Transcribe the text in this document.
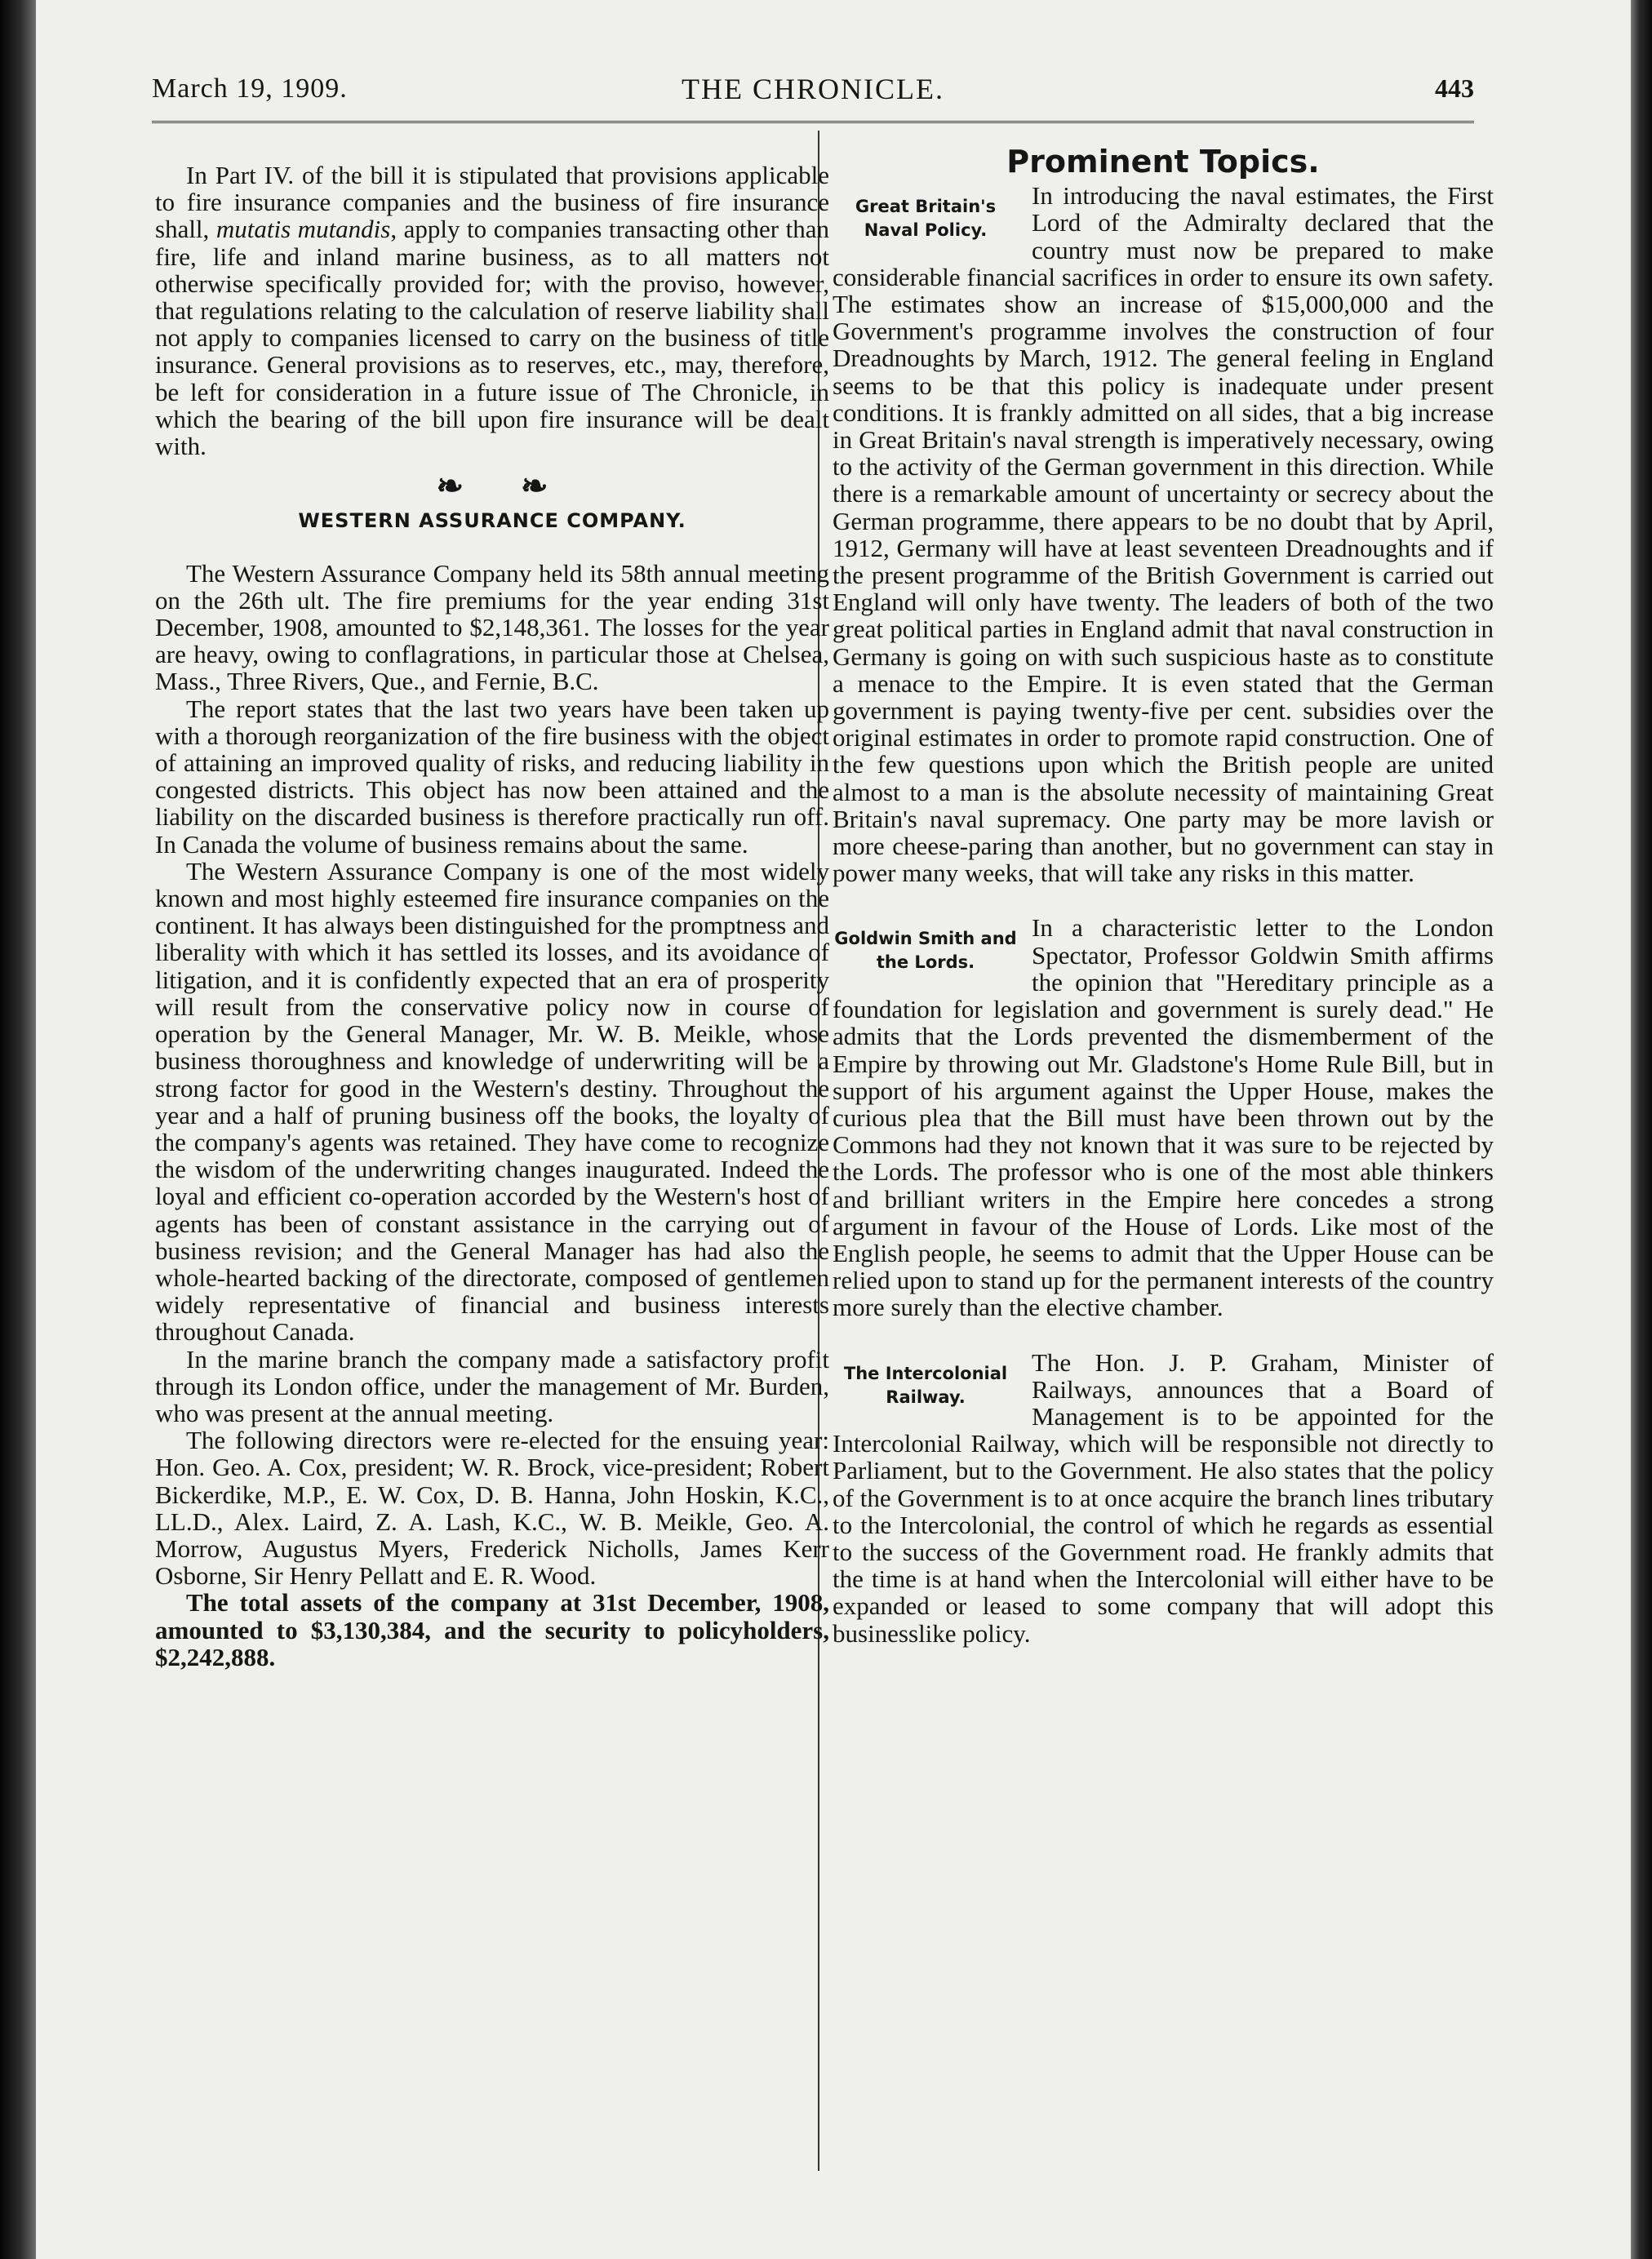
March 19, 1909.	THE CHRONICLE.	443

In Part IV. of the bill it is stipulated that provisions applicable to fire insurance companies and the business of fire insurance shall, mutatis mutandis, apply to companies transacting other than fire, life and inland marine business, as to all matters not otherwise specifically provided for; with the proviso, however, that regulations relating to the calculation of reserve liability shall not apply to companies licensed to carry on the business of title insurance. General provisions as to reserves, etc., may, therefore, be left for consideration in a future issue of The Chronicle, in which the bearing of the bill upon fire insurance will be dealt with.

❧ ❧
WESTERN ASSURANCE COMPANY.

The Western Assurance Company held its 58th annual meeting on the 26th ult. The fire premiums for the year ending 31st December, 1908, amounted to $2,148,361. The losses for the year are heavy, owing to conflagrations, in particular those at Chelsea, Mass., Three Rivers, Que., and Fernie, B.C.

The report states that the last two years have been taken up with a thorough reorganization of the fire business with the object of attaining an improved quality of risks, and reducing liability in congested districts. This object has now been attained and the liability on the discarded business is therefore practically run off. In Canada the volume of business remains about the same.

The Western Assurance Company is one of the most widely known and most highly esteemed fire insurance companies on the continent. It has always been distinguished for the promptness and liberality with which it has settled its losses, and its avoidance of litigation, and it is confidently expected that an era of prosperity will result from the conservative policy now in course of operation by the General Manager, Mr. W. B. Meikle, whose business thoroughness and knowledge of underwriting will be a strong factor for good in the Western's destiny. Throughout the year and a half of pruning business off the books, the loyalty of the company's agents was retained. They have come to recognize the wisdom of the underwriting changes inaugurated. Indeed the loyal and efficient co-operation accorded by the Western's host of agents has been of constant assistance in the carrying out of business revision; and the General Manager has had also the whole-hearted backing of the directorate, composed of gentlemen widely representative of financial and business interests throughout Canada.

In the marine branch the company made a satisfactory profit through its London office, under the management of Mr. Burden, who was present at the annual meeting.

The following directors were re-elected for the ensuing year: Hon. Geo. A. Cox, president; W. R. Brock, vice-president; Robert Bickerdike, M.P., E. W. Cox, D. B. Hanna, John Hoskin, K.C., LL.D., Alex. Laird, Z. A. Lash, K.C., W. B. Meikle, Geo. A. Morrow, Augustus Myers, Frederick Nicholls, James Kerr Osborne, Sir Henry Pellatt and E. R. Wood.

The total assets of the company at 31st December, 1908, amounted to $3,130,384, and the security to policyholders, $2,242,888.

Prominent Topics.
Great Britain's Naval Policy.

In introducing the naval estimates, the First Lord of the Admiralty declared that the country must now be prepared to make considerable financial sacrifices in order to ensure its own safety. The estimates show an increase of $15,000,000 and the Government's programme involves the construction of four Dreadnoughts by March, 1912. The general feeling in England seems to be that this policy is inadequate under present conditions. It is frankly admitted on all sides, that a big increase in Great Britain's naval strength is imperatively necessary, owing to the activity of the German government in this direction. While there is a remarkable amount of uncertainty or secrecy about the German programme, there appears to be no doubt that by April, 1912, Germany will have at least seventeen Dreadnoughts and if the present programme of the British Government is carried out England will only have twenty. The leaders of both of the two great political parties in England admit that naval construction in Germany is going on with such suspicious haste as to constitute a menace to the Empire. It is even stated that the German government is paying twenty-five per cent. subsidies over the original estimates in order to promote rapid construction. One of the few questions upon which the British people are united almost to a man is the absolute necessity of maintaining Great Britain's naval supremacy. One party may be more lavish or more cheese-paring than another, but no government can stay in power many weeks, that will take any risks in this matter.

Goldwin Smith and the Lords.

In a characteristic letter to the London Spectator, Professor Goldwin Smith affirms the opinion that "Hereditary principle as a foundation for legislation and government is surely dead." He admits that the Lords prevented the dismemberment of the Empire by throwing out Mr. Gladstone's Home Rule Bill, but in support of his argument against the Upper House, makes the curious plea that the Bill must have been thrown out by the Commons had they not known that it was sure to be rejected by the Lords. The professor who is one of the most able thinkers and brilliant writers in the Empire here concedes a strong argument in favour of the House of Lords. Like most of the English people, he seems to admit that the Upper House can be relied upon to stand up for the permanent interests of the country more surely than the elective chamber.

The Intercolonial Railway.

The Hon. J. P. Graham, Minister of Railways, announces that a Board of Management is to be appointed for the Intercolonial Railway, which will be responsible not directly to Parliament, but to the Government. He also states that the policy of the Government is to at once acquire the branch lines tributary to the Intercolonial, the control of which he regards as essential to the success of the Government road. He frankly admits that the time is at hand when the Intercolonial will either have to be expanded or leased to some company that will adopt this businesslike policy.
